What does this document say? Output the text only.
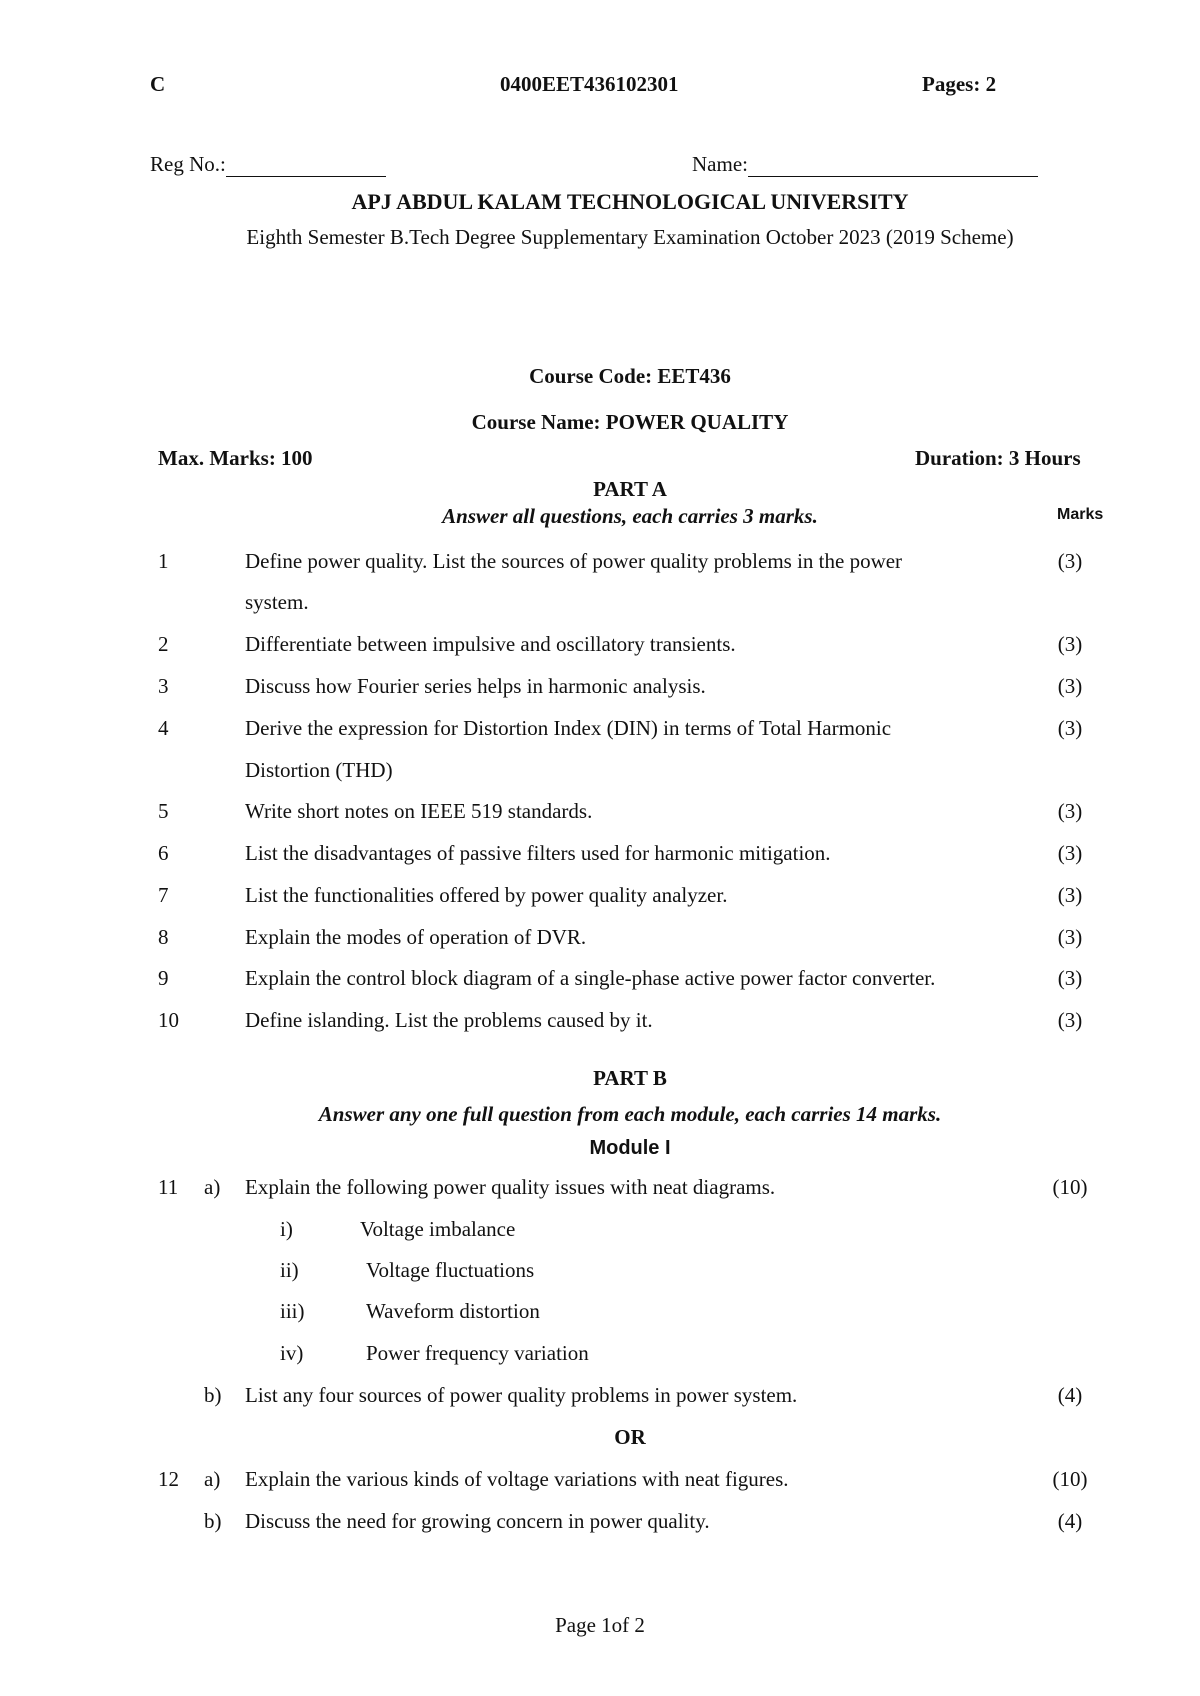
C	0400EET436102301	Pages: 2
Reg No.:	Name:
APJ ABDUL KALAM TECHNOLOGICAL UNIVERSITY
Eighth Semester B.Tech Degree Supplementary Examination October 2023 (2019 Scheme)
Course Code: EET436
Course Name: POWER QUALITY
Max. Marks: 100	Duration: 3 Hours
PART A
Answer all questions, each carries 3 marks.	Marks
1	Define power quality. List the sources of power quality problems in the power	(3)
system.
2	Differentiate between impulsive and oscillatory transients.	(3)
3	Discuss how Fourier series helps in harmonic analysis.	(3)
4	Derive the expression for Distortion Index (DIN) in terms of Total Harmonic	(3)
Distortion (THD)
5	Write short notes on IEEE 519 standards.	(3)
6	List the disadvantages of passive filters used for harmonic mitigation.	(3)
7	List the functionalities offered by power quality analyzer.	(3)
8	Explain the modes of operation of DVR.	(3)
9	Explain the control block diagram of a single-phase active power factor converter.	(3)
10	Define islanding. List the problems caused by it.	(3)
PART B
Answer any one full question from each module, each carries 14 marks.
Module I
11 a) Explain the following power quality issues with neat diagrams.	(10)
i)	Voltage imbalance
ii)	Voltage fluctuations
iii)	Waveform distortion
iv)	Power frequency variation
b) List any four sources of power quality problems in power system.	(4)
OR
12 a) Explain the various kinds of voltage variations with neat figures.	(10)
b) Discuss the need for growing concern in power quality.	(4)
Page 1of 2
